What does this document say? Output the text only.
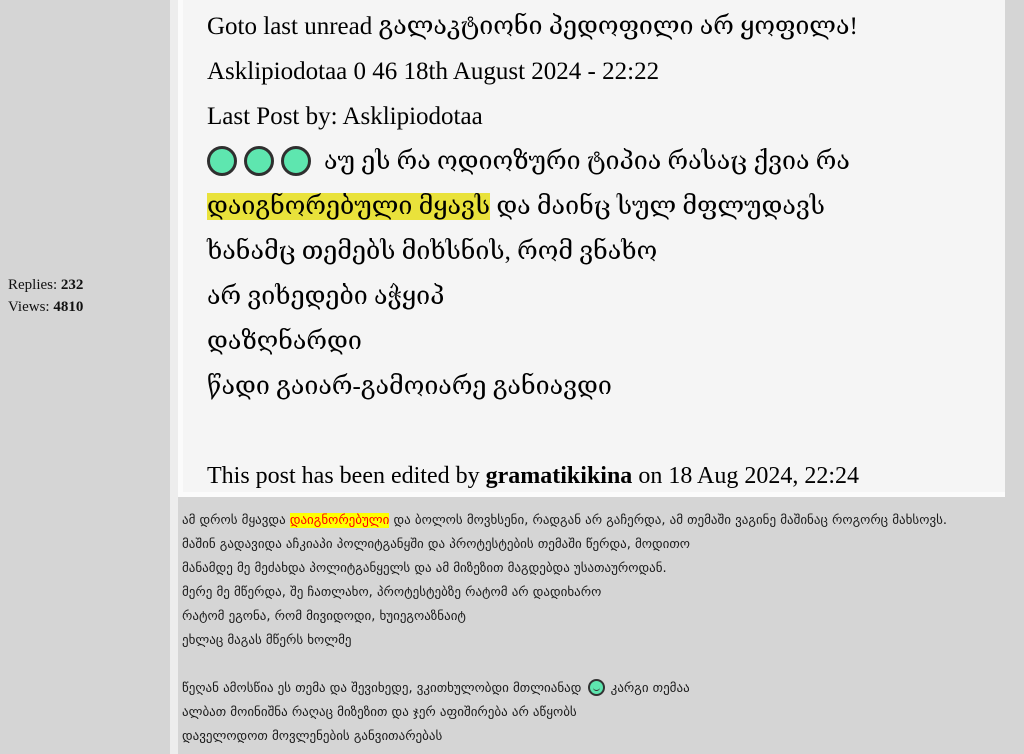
Replies: 232
Views: 4810
Goto last unread გალაკტიონი პედოფილი არ ყოფილა!
Asklipiodotaa 0 46 18th August 2024 - 22:22
Last Post by: Asklipiodotaa
აუ ეს რა ოდიოზური ტიპია რასაც ქვია რა
დაიგნორებული მყავს და მაინც სულ მფლუდავს
ხანამც თემებს მიხსნის, რომ ვნახო
არ ვიხედები აჭყიპ
დაზღნარდი
წადი გაიარ-გამოიარე განიავდი
This post has been edited by gramatikikina on 18 Aug 2024, 22:24
ამ დროს მყავდა დაიგნორებული და ბოლოს მოვხსენი, რადგან არ გაჩერდა, ამ თემაში ვაგინე მაშინაც როგორც მახსოვს.
მაშინ გადავიდა აჩკიაპი პოლიტგანყში და პროტესტების თემაში წერდა, მოდითო
მანამდე მე მეძახდა პოლიტგანყელს და ამ მიზეზით მაგდებდა უსათაუროდან.
მერე მე მწერდა, შე ჩათლახო, პროტესტებზე რატომ არ დადიხარო
რატომ ეგონა, რომ მივიდოდი, ხუიეგოაზნაიტ
ეხლაც მაგას მწერს ხოლმე
წეღან ამოსწია ეს თემა და შევიხედე, ვკითხულობდი მთლიანად  კარგი თემაა
ალბათ მოინიშნა რაღაც მიზეზით და ჯერ აფიშირება არ აწყობს
დაველოდოთ მოვლენების განვითარებას
